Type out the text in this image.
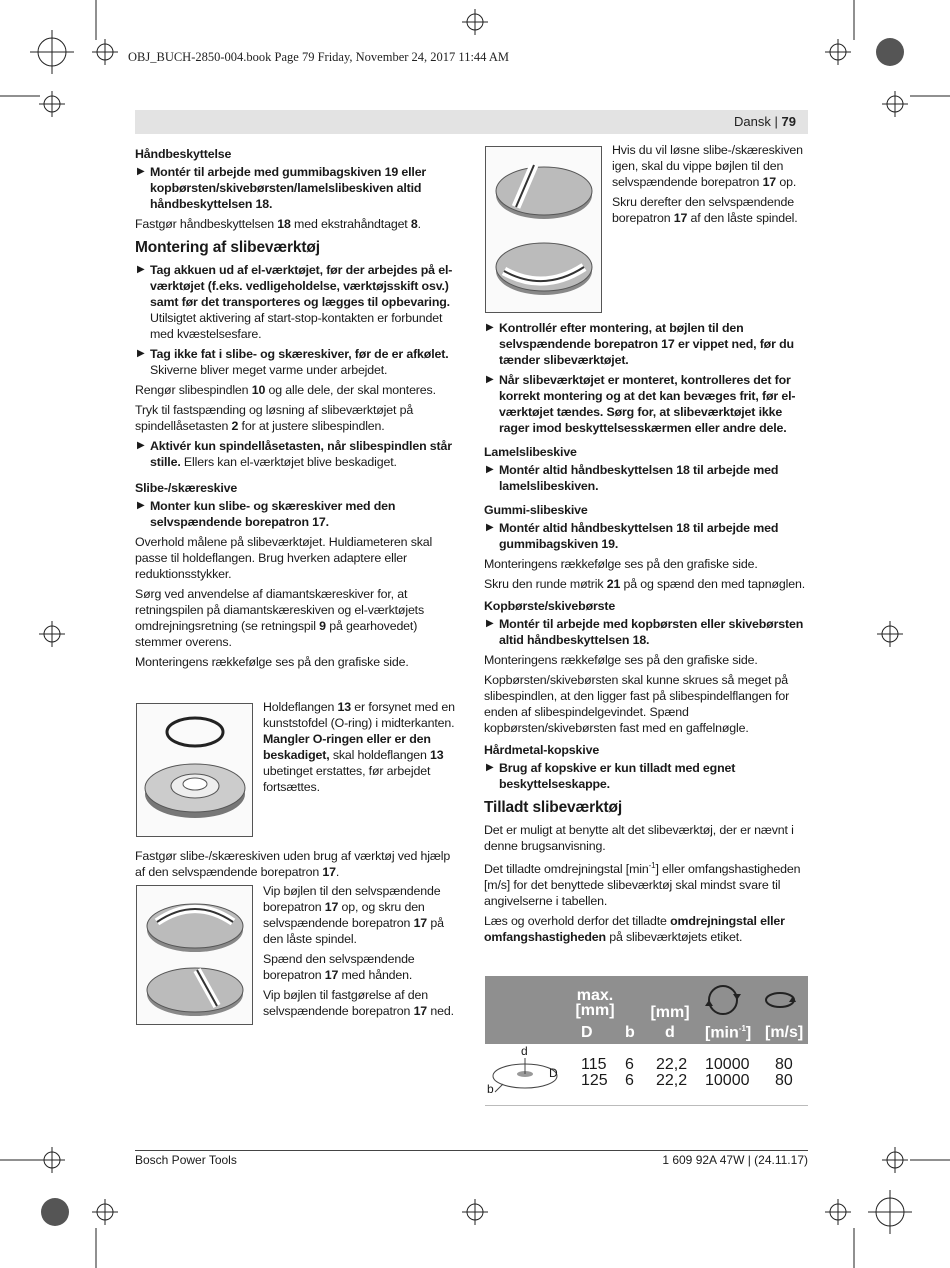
OBJ_BUCH-2850-004.book Page 79 Friday, November 24, 2017 11:44 AM
Dansk | 79
Håndbeskyttelse
▶ Montér til arbejde med gummibagskiven 19 eller kopbørsten/skivebørsten/lamelslibeskiven altid håndbeskyttelsen 18.

Fastgør håndbeskyttelsen 18 med ekstrahåndtaget 8.

Montering af slibeværktøj
▶ Tag akkuen ud af el-værktøjet, før der arbejdes på el-værktøjet (f.eks. vedligeholdelse, værktøjsskift osv.) samt før det transporteres og lægges til opbevaring. Utilsigtet aktivering af start-stop-kontakten er forbundet med kvæstelsesfare.
▶ Tag ikke fat i slibe- og skæreskiver, før de er afkølet. Skiverne bliver meget varme under arbejdet.

Rengør slibespindlen 10 og alle dele, der skal monteres.

Tryk til fastspænding og løsning af slibeværktøjet på spindellåsetasten 2 for at justere slibespindlen.

▶ Aktivér kun spindellåsetasten, når slibespindlen står stille. Ellers kan el-værktøjet blive beskadiget.
Slibe-/skæreskive
▶ Monter kun slibe- og skæreskiver med den selvspændende borepatron 17.

Overhold målene på slibeværktøjet. Huldiameteren skal passe til holdeflangen. Brug hverken adaptere eller reduktionsstykker.

Sørg ved anvendelse af diamantskæreskiver for, at retningspilen på diamantskæreskiven og el-værktøjets omdrejningsretning (se retningspil 9 på gearhovedet) stemmer overens.

Monteringens rækkefølge ses på den grafiske side.

Holdeflangen 13 er forsynet med en kunststofdel (O-ring) i midterkanten. Mangler O-ringen eller er den beskadiget, skal holdeflangen 13 ubetinget erstattes, før arbejdet fortsættes.

Fastgør slibe-/skæreskiven uden brug af værktøj ved hjælp af den selvspændende borepatron 17.

Vip bøjlen til den selvspændende borepatron 17 op, og skru den selvspændende borepatron 17 på den låste spindel.

Spænd den selvspændende borepatron 17 med hånden.

Vip bøjlen til fastgørelse af den selvspændende borepatron 17 ned.

Hvis du vil løsne slibe-/skæreskiven igen, skal du vippe bøjlen til den selvspændende borepatron 17 op.

Skru derefter den selvspændende borepatron 17 af den låste spindel.

▶ Kontrollér efter montering, at bøjlen til den selvspændende borepatron 17 er vippet ned, før du tænder slibeværktøjet.
▶ Når slibeværktøjet er monteret, kontrolleres det for korrekt montering og at det kan bevæges frit, før el-værktøjet tændes. Sørg for, at slibeværktøjet ikke rager imod beskyttelsesskærmen eller andre dele.
Lamelslibeskive
▶ Montér altid håndbeskyttelsen 18 til arbejde med lamelslibeskiven.
Gummi-slibeskive
▶ Montér altid håndbeskyttelsen 18 til arbejde med gummibagskiven 19.

Monteringens rækkefølge ses på den grafiske side.

Skru den runde møtrik 21 på og spænd den med tapnøglen.

Kopbørste/skivebørste
▶ Montér til arbejde med kopbørsten eller skivebørsten altid håndbeskyttelsen 18.

Monteringens rækkefølge ses på den grafiske side.

Kopbørsten/skivebørsten skal kunne skrues så meget på slibespindlen, at den ligger fast på slibespindelflangen for enden af slibespindelgevindet. Spænd kopbørsten/skivebørsten fast med en gaffelnøgle.

Hårdmetal-kopskive
▶ Brug af kopskive er kun tilladt med egnet beskyttelseskappe.
Tilladt slibeværktøj

Det er muligt at benytte alt det slibeværktøj, der er nævnt i denne brugsanvisning.

Det tilladte omdrejningstal $[\min^{-1}]$ eller omfangshastigheden [m/s] for det benyttede slibeværktøj skal mindst svare til angivelserne i tabellen.

Læs og overhold derfor det tilladte omdrejningstal eller omfangshastigheden på slibeværktøjets etiket.

max.
[mm]	[mm]
D b d $[\min^{-1}]$ [m/s]
d
D
b
115 6 22,2 10000 80
125 6 22,2 10000 80
Bosch Power Tools	1 609 92A 47W | (24.11.17)
